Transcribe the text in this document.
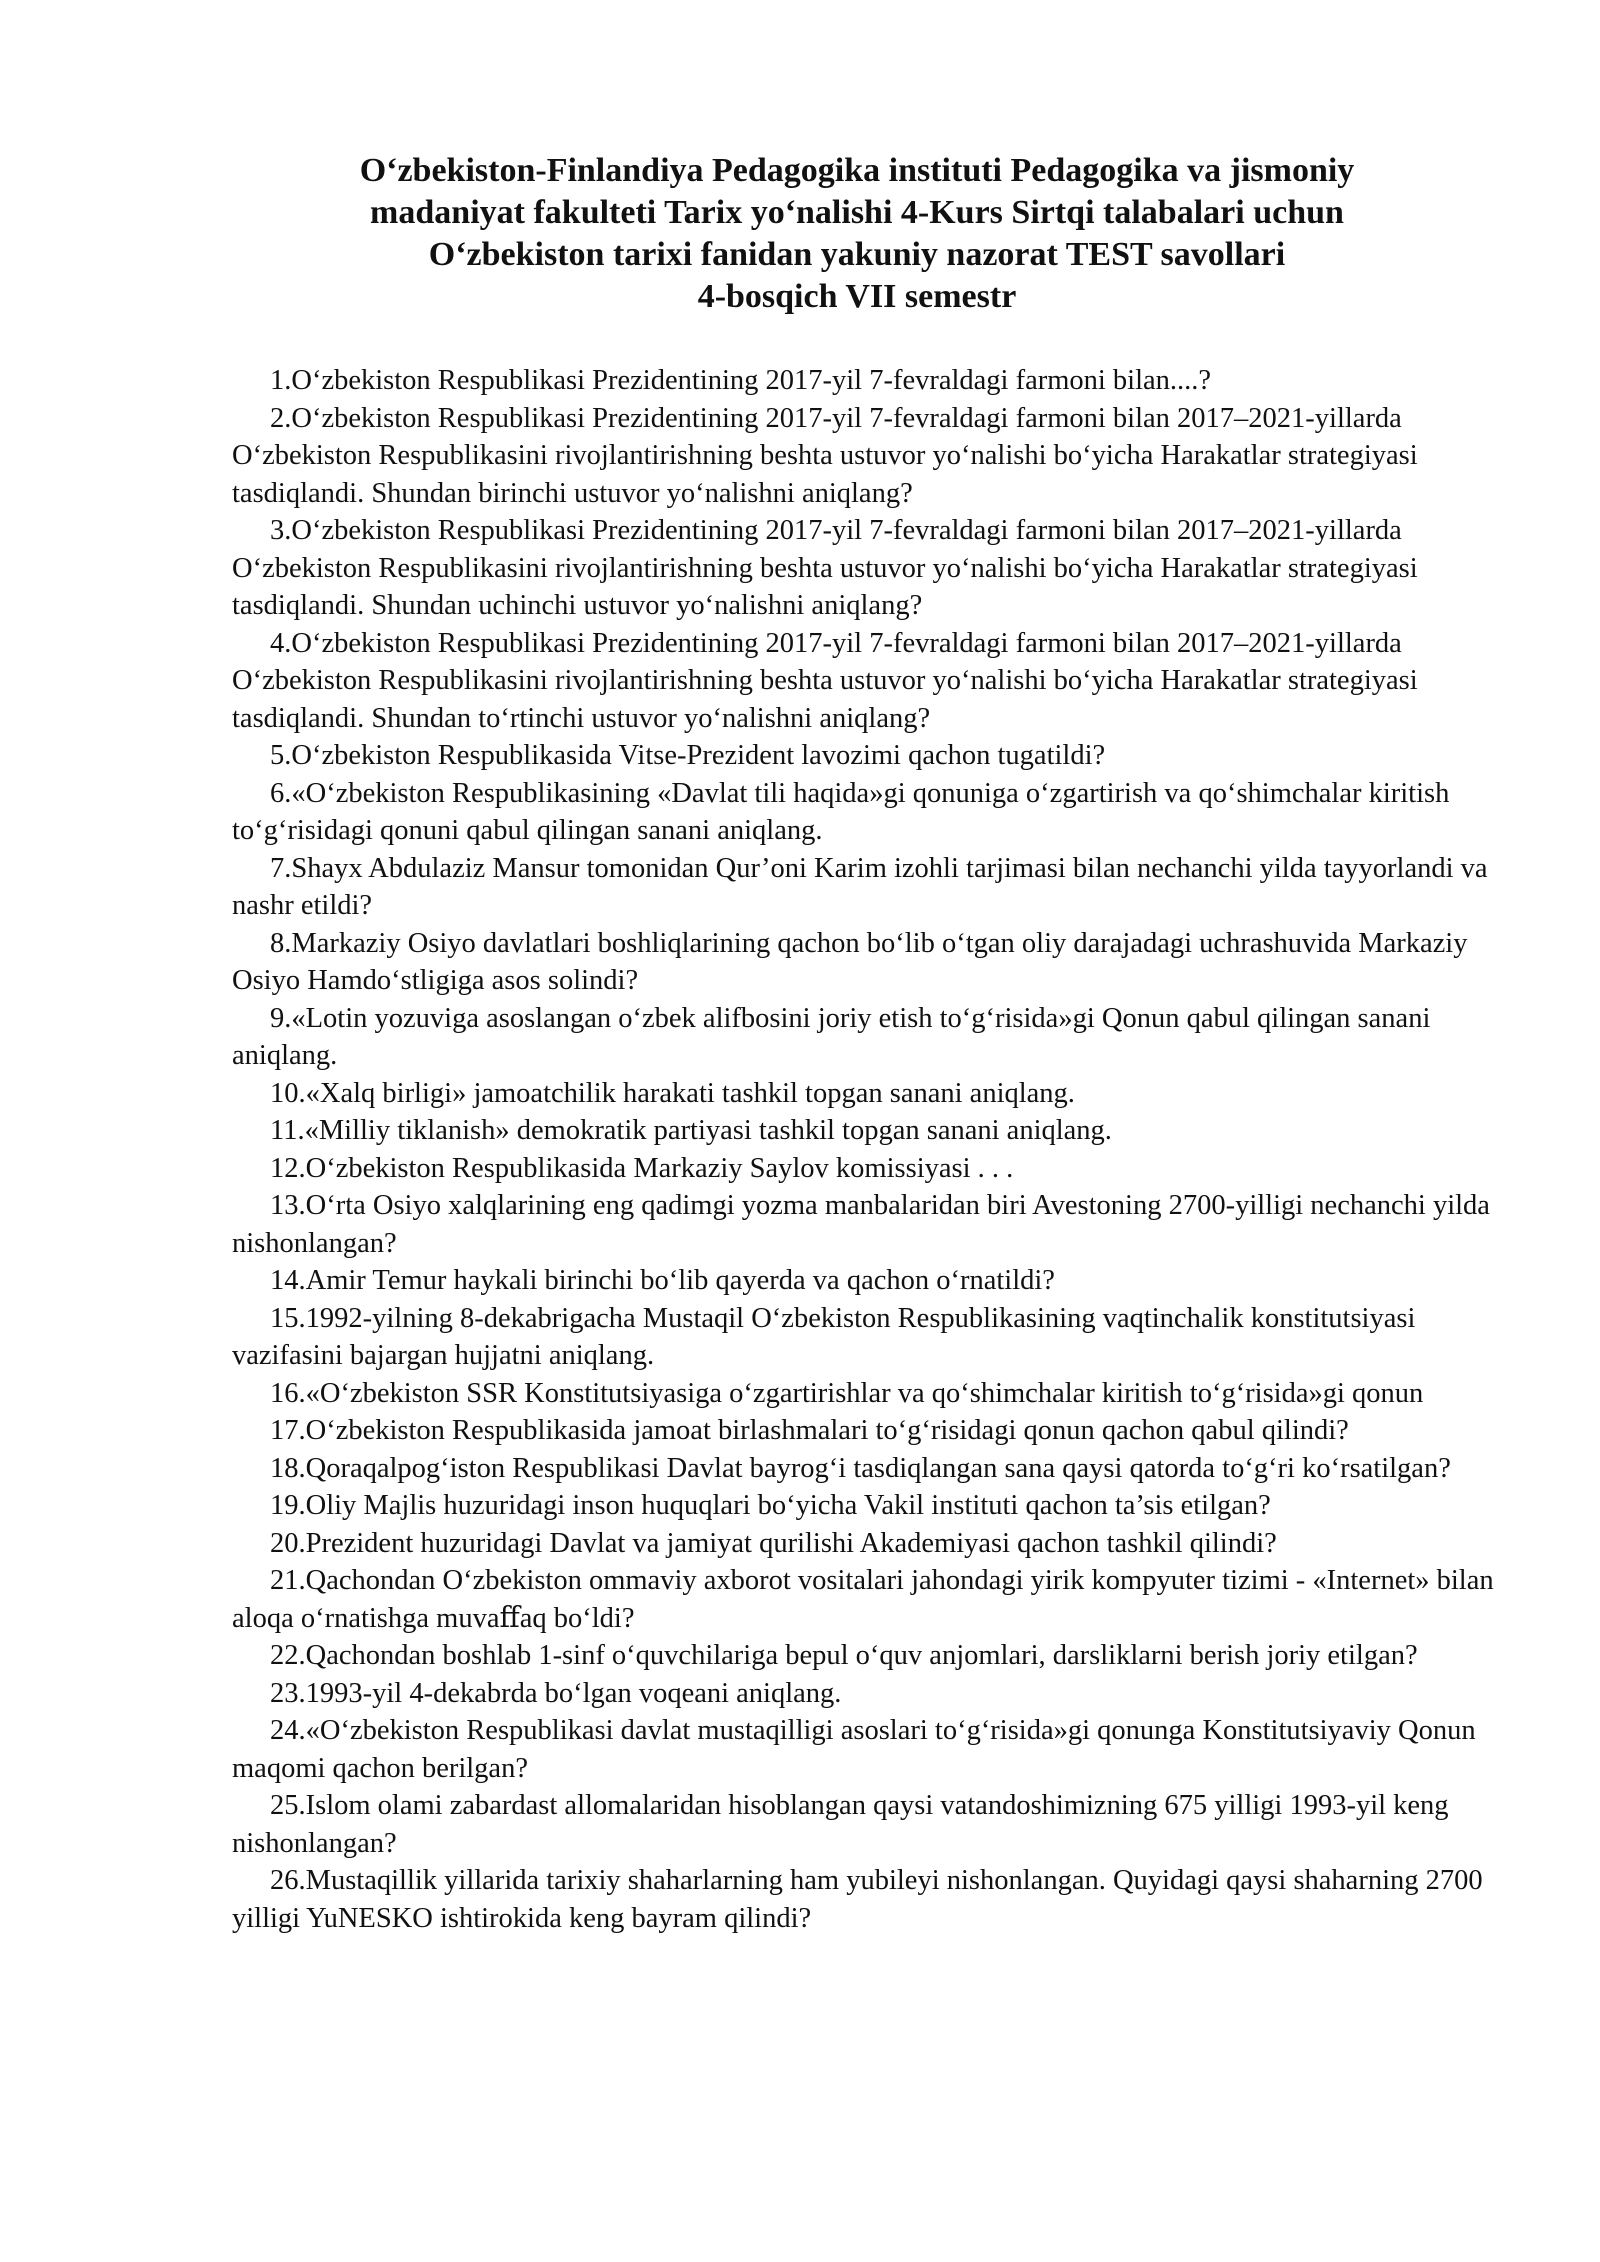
O‘zbekiston-Finlandiya Pedagogika instituti Pedagogika va jismoniy
madaniyat fakulteti Tarix yo‘nalishi 4-Kurs Sirtqi talabalari uchun
O‘zbekiston tarixi fanidan yakuniy nazorat TEST savollari
4-bosqich VII semestr

1.O‘zbekiston Respublikasi Prezidentining 2017-yil 7-fevraldagi farmoni bilan....?

2.O‘zbekiston Respublikasi Prezidentining 2017-yil 7-fevraldagi farmoni bilan 2017–2021-yillarda O‘zbekiston Respublikasini rivojlantirishning beshta ustuvor yo‘nalishi bo‘yicha Harakatlar strategiyasi tasdiqlandi. Shundan birinchi ustuvor yo‘nalishni aniqlang?

3.O‘zbekiston Respublikasi Prezidentining 2017-yil 7-fevraldagi farmoni bilan 2017–2021-yillarda O‘zbekiston Respublikasini rivojlantirishning beshta ustuvor yo‘nalishi bo‘yicha Harakatlar strategiyasi tasdiqlandi. Shundan uchinchi ustuvor yo‘nalishni aniqlang?

4.O‘zbekiston Respublikasi Prezidentining 2017-yil 7-fevraldagi farmoni bilan 2017–2021-yillarda O‘zbekiston Respublikasini rivojlantirishning beshta ustuvor yo‘nalishi bo‘yicha Harakatlar strategiyasi tasdiqlandi. Shundan to‘rtinchi ustuvor yo‘nalishni aniqlang?

5.O‘zbekiston Respublikasida Vitse-Prezident lavozimi qachon tugatildi?

6.«O‘zbekiston Respublikasining «Davlat tili haqida»gi qonuniga o‘zgartirish va qo‘shimchalar kiritish to‘g‘risidagi qonuni qabul qilingan sanani aniqlang.

7.Shayx Abdulaziz Mansur tomonidan Qur’oni Karim izohli tarjimasi bilan nechanchi yilda tayyorlandi va nashr etildi?

8.Markaziy Osiyo davlatlari boshliqlarining qachon bo‘lib o‘tgan oliy darajadagi uchrashuvida Markaziy Osiyo Hamdo‘stligiga asos solindi?

9.«Lotin yozuviga asoslangan o‘zbek alifbosini joriy etish to‘g‘risida»gi Qonun qabul qilingan sanani aniqlang.

10.«Xalq birligi» jamoatchilik harakati tashkil topgan sanani aniqlang.

11.«Milliy tiklanish» demokratik partiyasi tashkil topgan sanani aniqlang.

12.O‘zbekiston Respublikasida Markaziy Saylov komissiyasi . . .

13.O‘rta Osiyo xalqlarining eng qadimgi yozma manbalaridan biri Avestoning 2700-yilligi nechanchi yilda nishonlangan?

14.Amir Temur haykali birinchi bo‘lib qayerda va qachon o‘rnatildi?

15.1992-yilning 8-dekabrigacha Mustaqil O‘zbekiston Respublikasining vaqtinchalik konstitutsiyasi vazifasini bajargan hujjatni aniqlang.

16.«O‘zbekiston SSR Konstitutsiyasiga o‘zgartirishlar va qo‘shimchalar kiritish to‘g‘risida»gi qonun

17.O‘zbekiston Respublikasida jamoat birlashmalari to‘g‘risidagi qonun qachon qabul qilindi?

18.Qoraqalpog‘iston Respublikasi Davlat bayrog‘i tasdiqlangan sana qaysi qatorda to‘g‘ri ko‘rsatilgan?

19.Oliy Majlis huzuridagi inson huquqlari bo‘yicha Vakil instituti qachon ta’sis etilgan?

20.Prezident huzuridagi Davlat va jamiyat qurilishi Akademiyasi qachon tashkil qilindi?

21.Qachondan O‘zbekiston ommaviy axborot vositalari jahondagi yirik kompyuter tizimi - «Internet» bilan aloqa o‘rnatishga muvaﬀaq bo‘ldi?

22.Qachondan boshlab 1-sinf o‘quvchilariga bepul o‘quv anjomlari, darsliklarni berish joriy etilgan?

23.1993-yil 4-dekabrda bo‘lgan voqeani aniqlang.

24.«O‘zbekiston Respublikasi davlat mustaqilligi asoslari to‘g‘risida»gi qonunga Konstitutsiyaviy Qonun maqomi qachon berilgan?

25.Islom olami zabardast allomalaridan hisoblangan qaysi vatandoshimizning 675 yilligi 1993-yil keng nishonlangan?

26.Mustaqillik yillarida tarixiy shaharlarning ham yubileyi nishonlangan. Quyidagi qaysi shaharning 2700 yilligi YuNESKO ishtirokida keng bayram qilindi?
